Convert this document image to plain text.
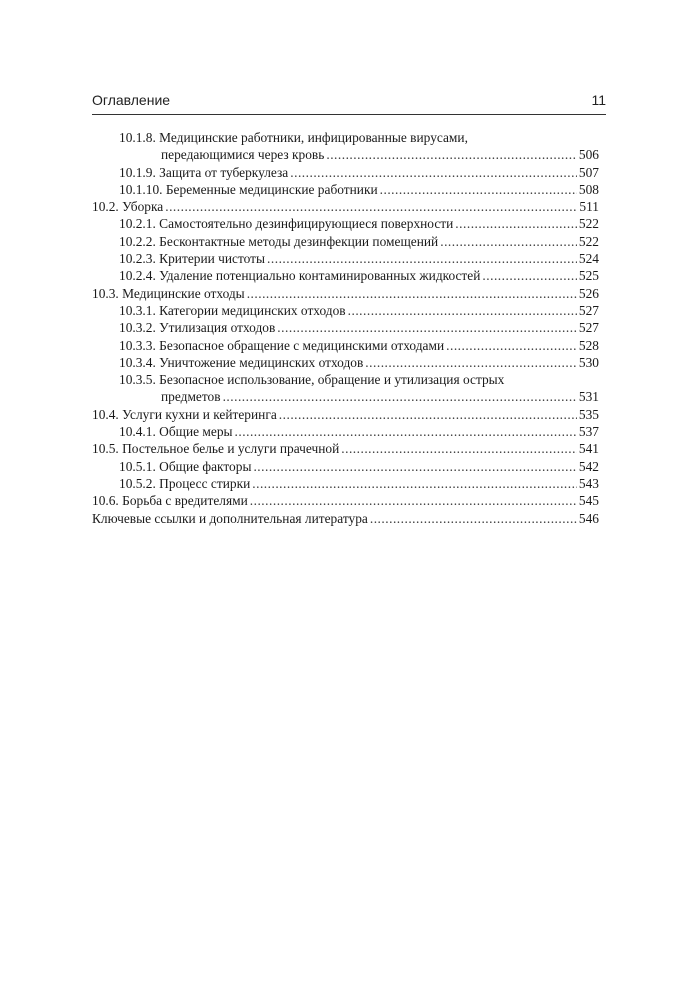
Оглавление	11
10.1.8. Медицинские работники, инфицированные вирусами,
передающимися через кровь .....	506
10.1.9. Защита от туберкулеза .....	507
10.1.10. Беременные медицинские работники .....	508
10.2. Уборка .....	511
10.2.1. Самостоятельно дезинфицирующиеся поверхности .....	522
10.2.2. Бесконтактные методы дезинфекции помещений .....	522
10.2.3. Критерии чистоты .....	524
10.2.4. Удаление потенциально контаминированных жидкостей .....	525
10.3. Медицинские отходы .....	526
10.3.1. Категории медицинских отходов .....	527
10.3.2. Утилизация отходов .....	527
10.3.3. Безопасное обращение с медицинскими отходами .....	528
10.3.4. Уничтожение медицинских отходов .....	530
10.3.5. Безопасное использование, обращение и утилизация острых
предметов .....	531
10.4. Услуги кухни и кейтеринга .....	535
10.4.1. Общие меры .....	537
10.5. Постельное белье и услуги прачечной .....	541
10.5.1. Общие факторы .....	542
10.5.2. Процесс стирки .....	543
10.6. Борьба с вредителями .....	545
Ключевые ссылки и дополнительная литература .....	546
